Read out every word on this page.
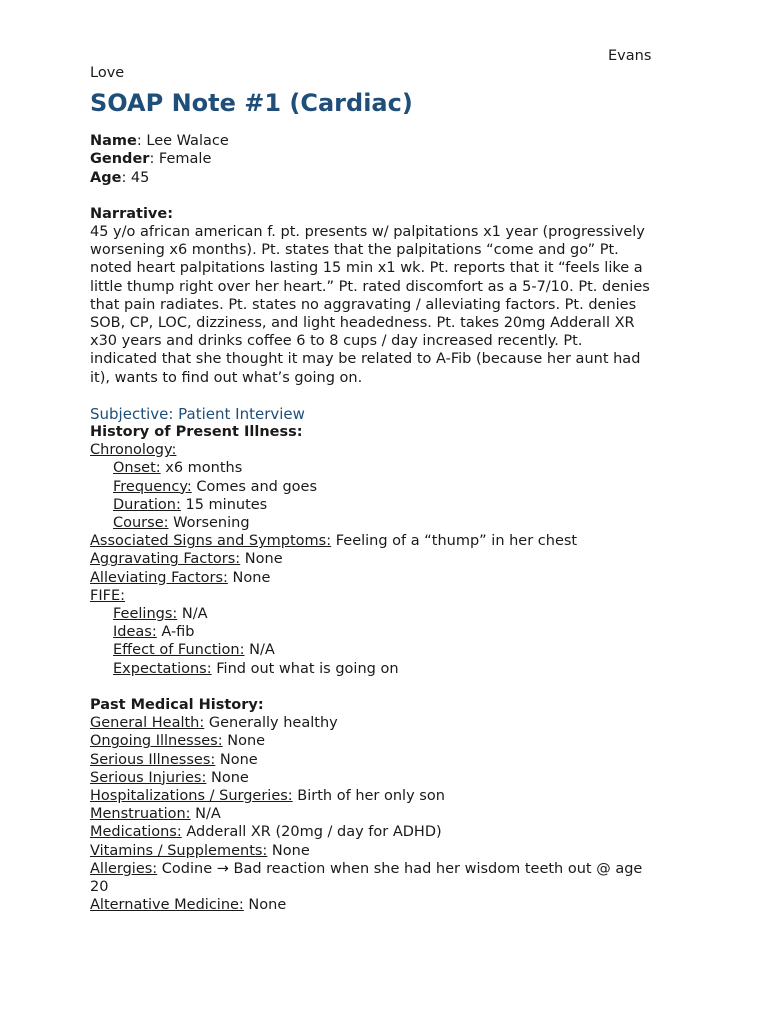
Evans
Love
SOAP Note #1 (Cardiac)
Name: Lee Walace
Gender: Female
Age: 45
Narrative:
45 y/o african american f. pt. presents w/ palpitations x1 year (progressively
worsening x6 months). Pt. states that the palpitations “come and go” Pt.
noted heart palpitations lasting 15 min x1 wk. Pt. reports that it “feels like a
little thump right over her heart.” Pt. rated discomfort as a 5-7/10. Pt. denies
that pain radiates. Pt. states no aggravating / alleviating factors. Pt. denies
SOB, CP, LOC, dizziness, and light headedness. Pt. takes 20mg Adderall XR
x30 years and drinks coffee 6 to 8 cups / day increased recently. Pt.
indicated that she thought it may be related to A-Fib (because her aunt had
it), wants to find out what’s going on.
Subjective: Patient Interview
History of Present Illness:
Chronology:
Onset: x6 months
Frequency: Comes and goes
Duration: 15 minutes
Course: Worsening
Associated Signs and Symptoms: Feeling of a “thump” in her chest
Aggravating Factors: None
Alleviating Factors: None
FIFE:
Feelings: N/A
Ideas: A-fib
Effect of Function: N/A
Expectations: Find out what is going on
Past Medical History:
General Health: Generally healthy
Ongoing Illnesses: None
Serious Illnesses: None
Serious Injuries: None
Hospitalizations / Surgeries: Birth of her only son
Menstruation: N/A
Medications: Adderall XR (20mg / day for ADHD)
Vitamins / Supplements: None
Allergies: Codine → Bad reaction when she had her wisdom teeth out @ age
20
Alternative Medicine: None
